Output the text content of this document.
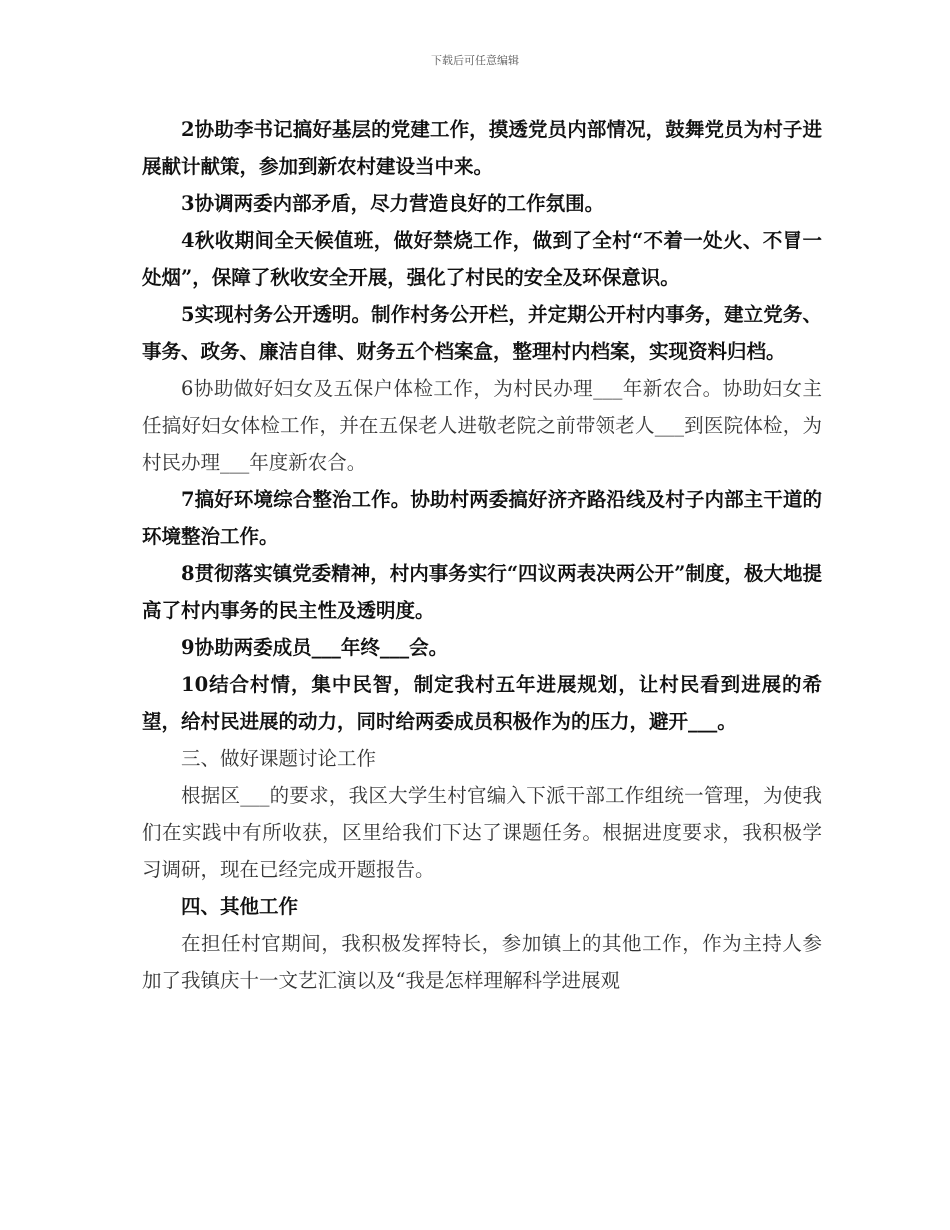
下载后可任意编辑

2协助李书记搞好基层的党建工作，摸透党员内部情况，鼓舞党员为村子进展献计献策，参加到新农村建设当中来。

3协调两委内部矛盾，尽力营造良好的工作氛围。

4秋收期间全天候值班，做好禁烧工作，做到了全村“不着一处火、不冒一处烟”，保障了秋收安全开展，强化了村民的安全及环保意识。

5实现村务公开透明。制作村务公开栏，并定期公开村内事务，建立党务、事务、政务、廉洁自律、财务五个档案盒，整理村内档案，实现资料归档。

6协助做好妇女及五保户体检工作，为村民办理___年新农合。协助妇女主任搞好妇女体检工作，并在五保老人进敬老院之前带领老人___到医院体检，为村民办理___年度新农合。

7搞好环境综合整治工作。协助村两委搞好济齐路沿线及村子内部主干道的环境整治工作。

8贯彻落实镇党委精神，村内事务实行“四议两表决两公开”制度，极大地提高了村内事务的民主性及透明度。

9协助两委成员___年终___会。

10结合村情，集中民智，制定我村五年进展规划，让村民看到进展的希望，给村民进展的动力，同时给两委成员积极作为的压力，避开___。

三、做好课题讨论工作

根据区___的要求，我区大学生村官编入下派干部工作组统一管理，为使我们在实践中有所收获，区里给我们下达了课题任务。根据进度要求，我积极学习调研，现在已经完成开题报告。

四、其他工作

在担任村官期间，我积极发挥特长，参加镇上的其他工作，作为主持人参加了我镇庆十一文艺汇演以及“我是怎样理解科学进展观
